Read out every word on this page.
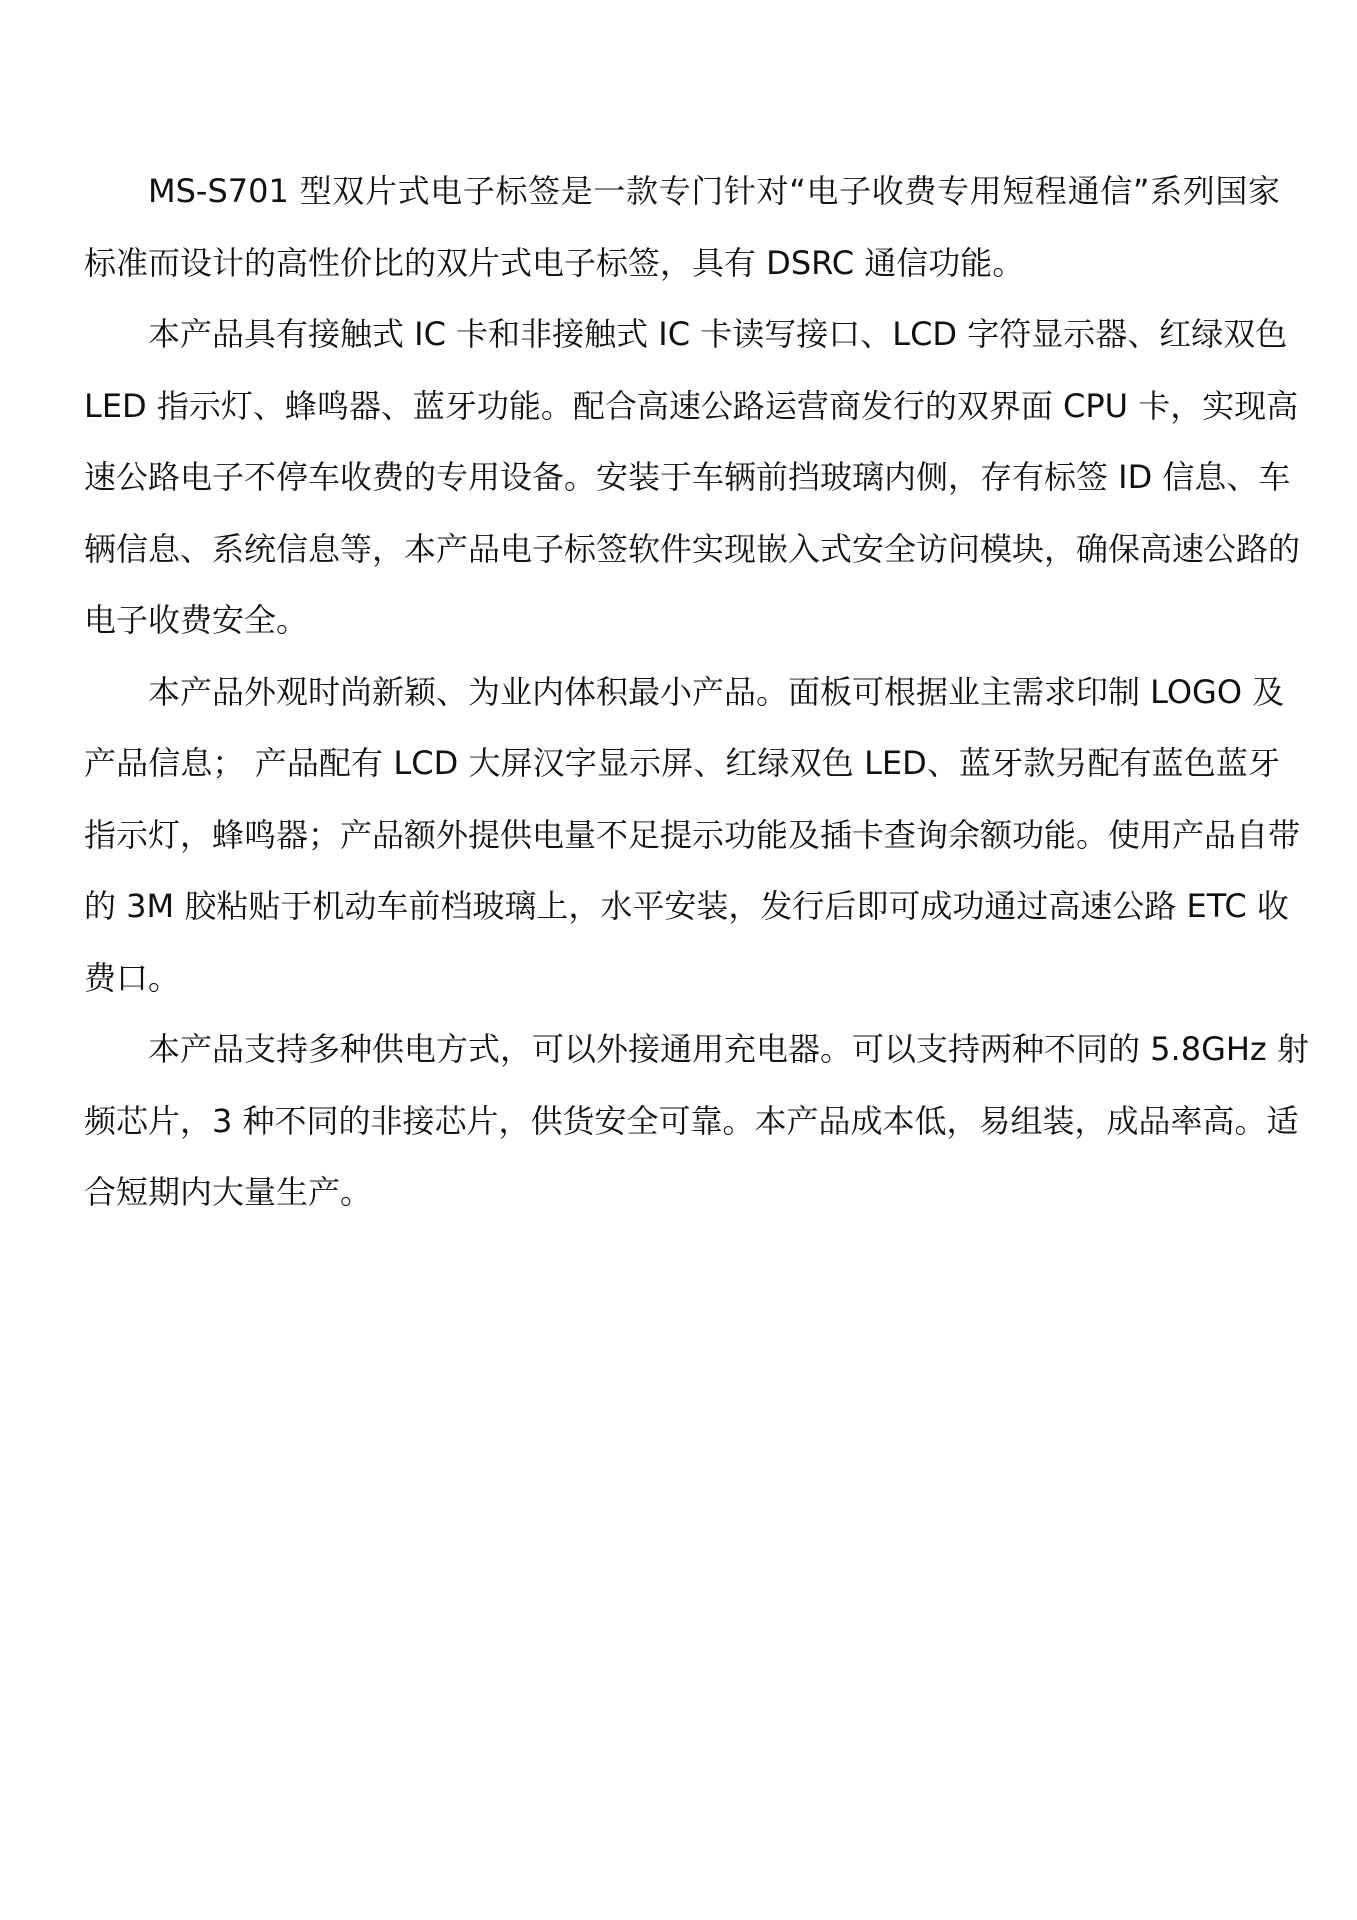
MS-S701 型双片式电子标签是一款专门针对“电子收费专用短程通信”系列国家
标准而设计的高性价比的双片式电子标签，具有 DSRC 通信功能。
本产品具有接触式 IC 卡和非接触式 IC 卡读写接口、LCD 字符显示器、红绿双色
LED 指示灯、蜂鸣器、蓝牙功能。配合高速公路运营商发行的双界面 CPU 卡，实现高
速公路电子不停车收费的专用设备。安装于车辆前挡玻璃内侧，存有标签 ID 信息、车
辆信息、系统信息等，本产品电子标签软件实现嵌入式安全访问模块，确保高速公路的
电子收费安全。
本产品外观时尚新颖、为业内体积最小产品。面板可根据业主需求印制 LOGO 及
产品信息； 产品配有 LCD 大屏汉字显示屏、红绿双色 LED、蓝牙款另配有蓝色蓝牙
指示灯，蜂鸣器；产品额外提供电量不足提示功能及插卡查询余额功能。使用产品自带
的 3M 胶粘贴于机动车前档玻璃上，水平安装，发行后即可成功通过高速公路 ETC 收
费口。
本产品支持多种供电方式，可以外接通用充电器。可以支持两种不同的 5.8GHz 射
频芯片，3 种不同的非接芯片，供货安全可靠。本产品成本低，易组装，成品率高。适
合短期内大量生产。
